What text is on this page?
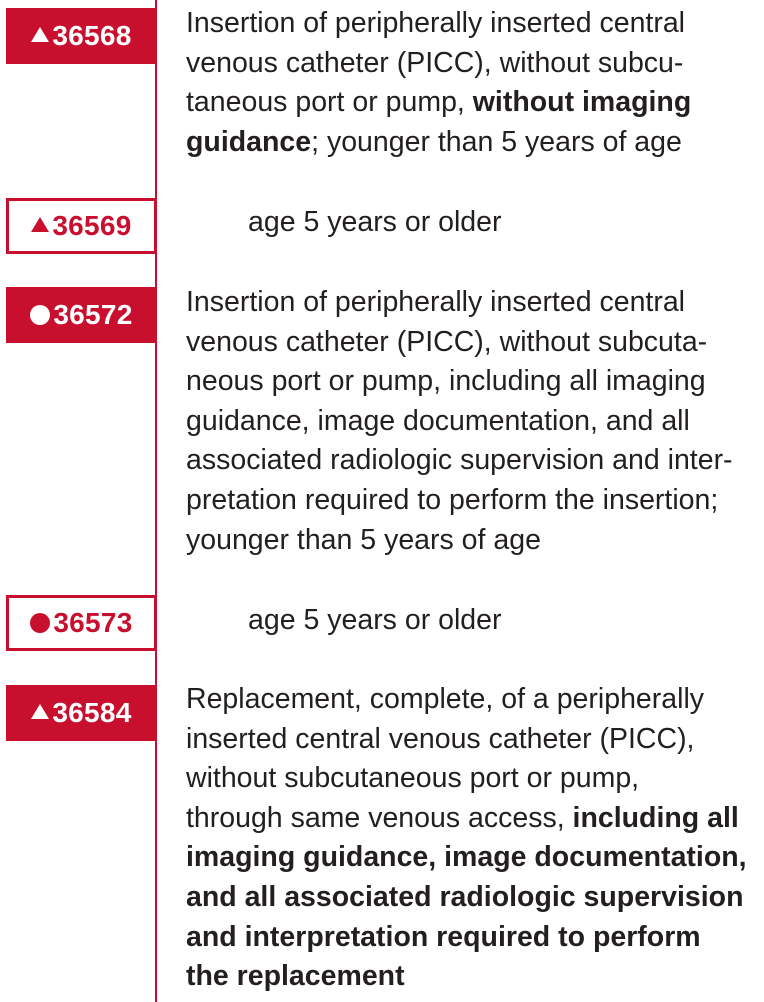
36568 Insertion of peripherally inserted central
venous catheter (PICC), without subcu-
taneous port or pump, without imaging
guidance; younger than 5 years of age
36569	age 5 years or older
36572 Insertion of peripherally inserted central
venous catheter (PICC), without subcuta-
neous port or pump, including all imaging
guidance, image documentation, and all
associated radiologic supervision and inter-
pretation required to perform the insertion;
younger than 5 years of age
36573	age 5 years or older
36584 Replacement, complete, of a peripherally
inserted central venous catheter (PICC),
without subcutaneous port or pump,
through same venous access, including all
imaging guidance, image documentation,
and all associated radiologic supervision
and interpretation required to perform
the replacement
